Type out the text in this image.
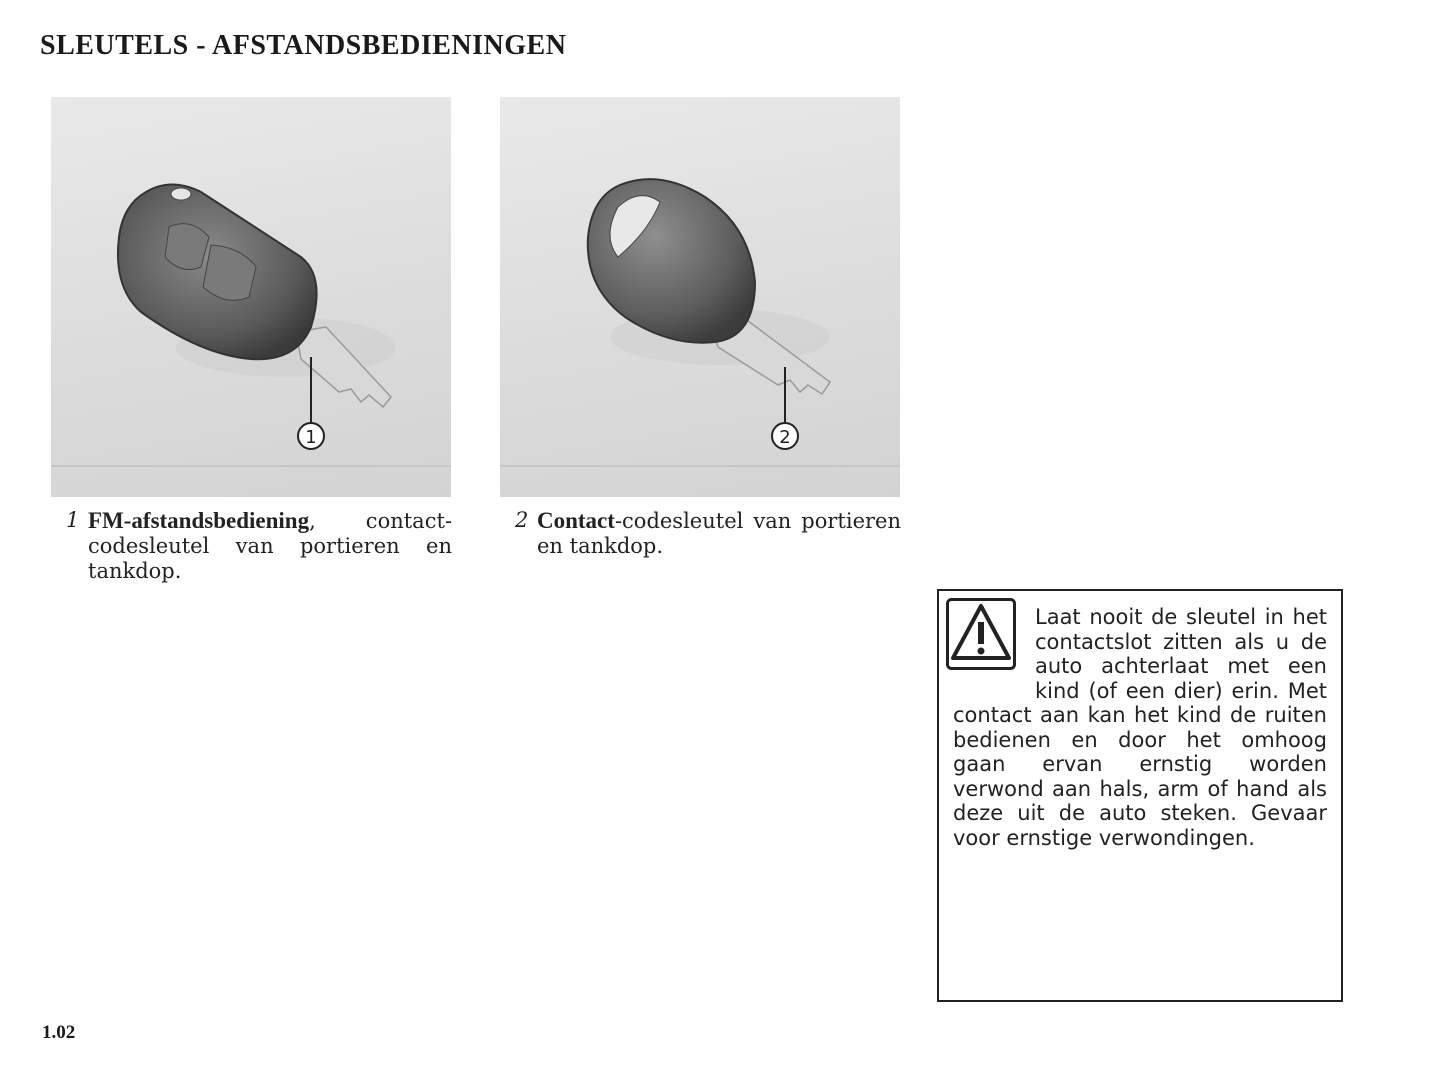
SLEUTELS - AFSTANDSBEDIENINGEN
1	2
1 FM-afstandsbediening, contact-codesleutel van portieren en tankdop.
2 Contact-codesleutel van portieren en tankdop.
Laat nooit de sleutel in het contactslot zitten als u de auto achterlaat met een kind (of een dier) erin. Met contact aan kan het kind de ruiten bedienen en door het omhoog gaan ervan ernstig worden verwond aan hals, arm of hand als deze uit de auto steken. Gevaar voor ernstige verwondingen.
1.02
